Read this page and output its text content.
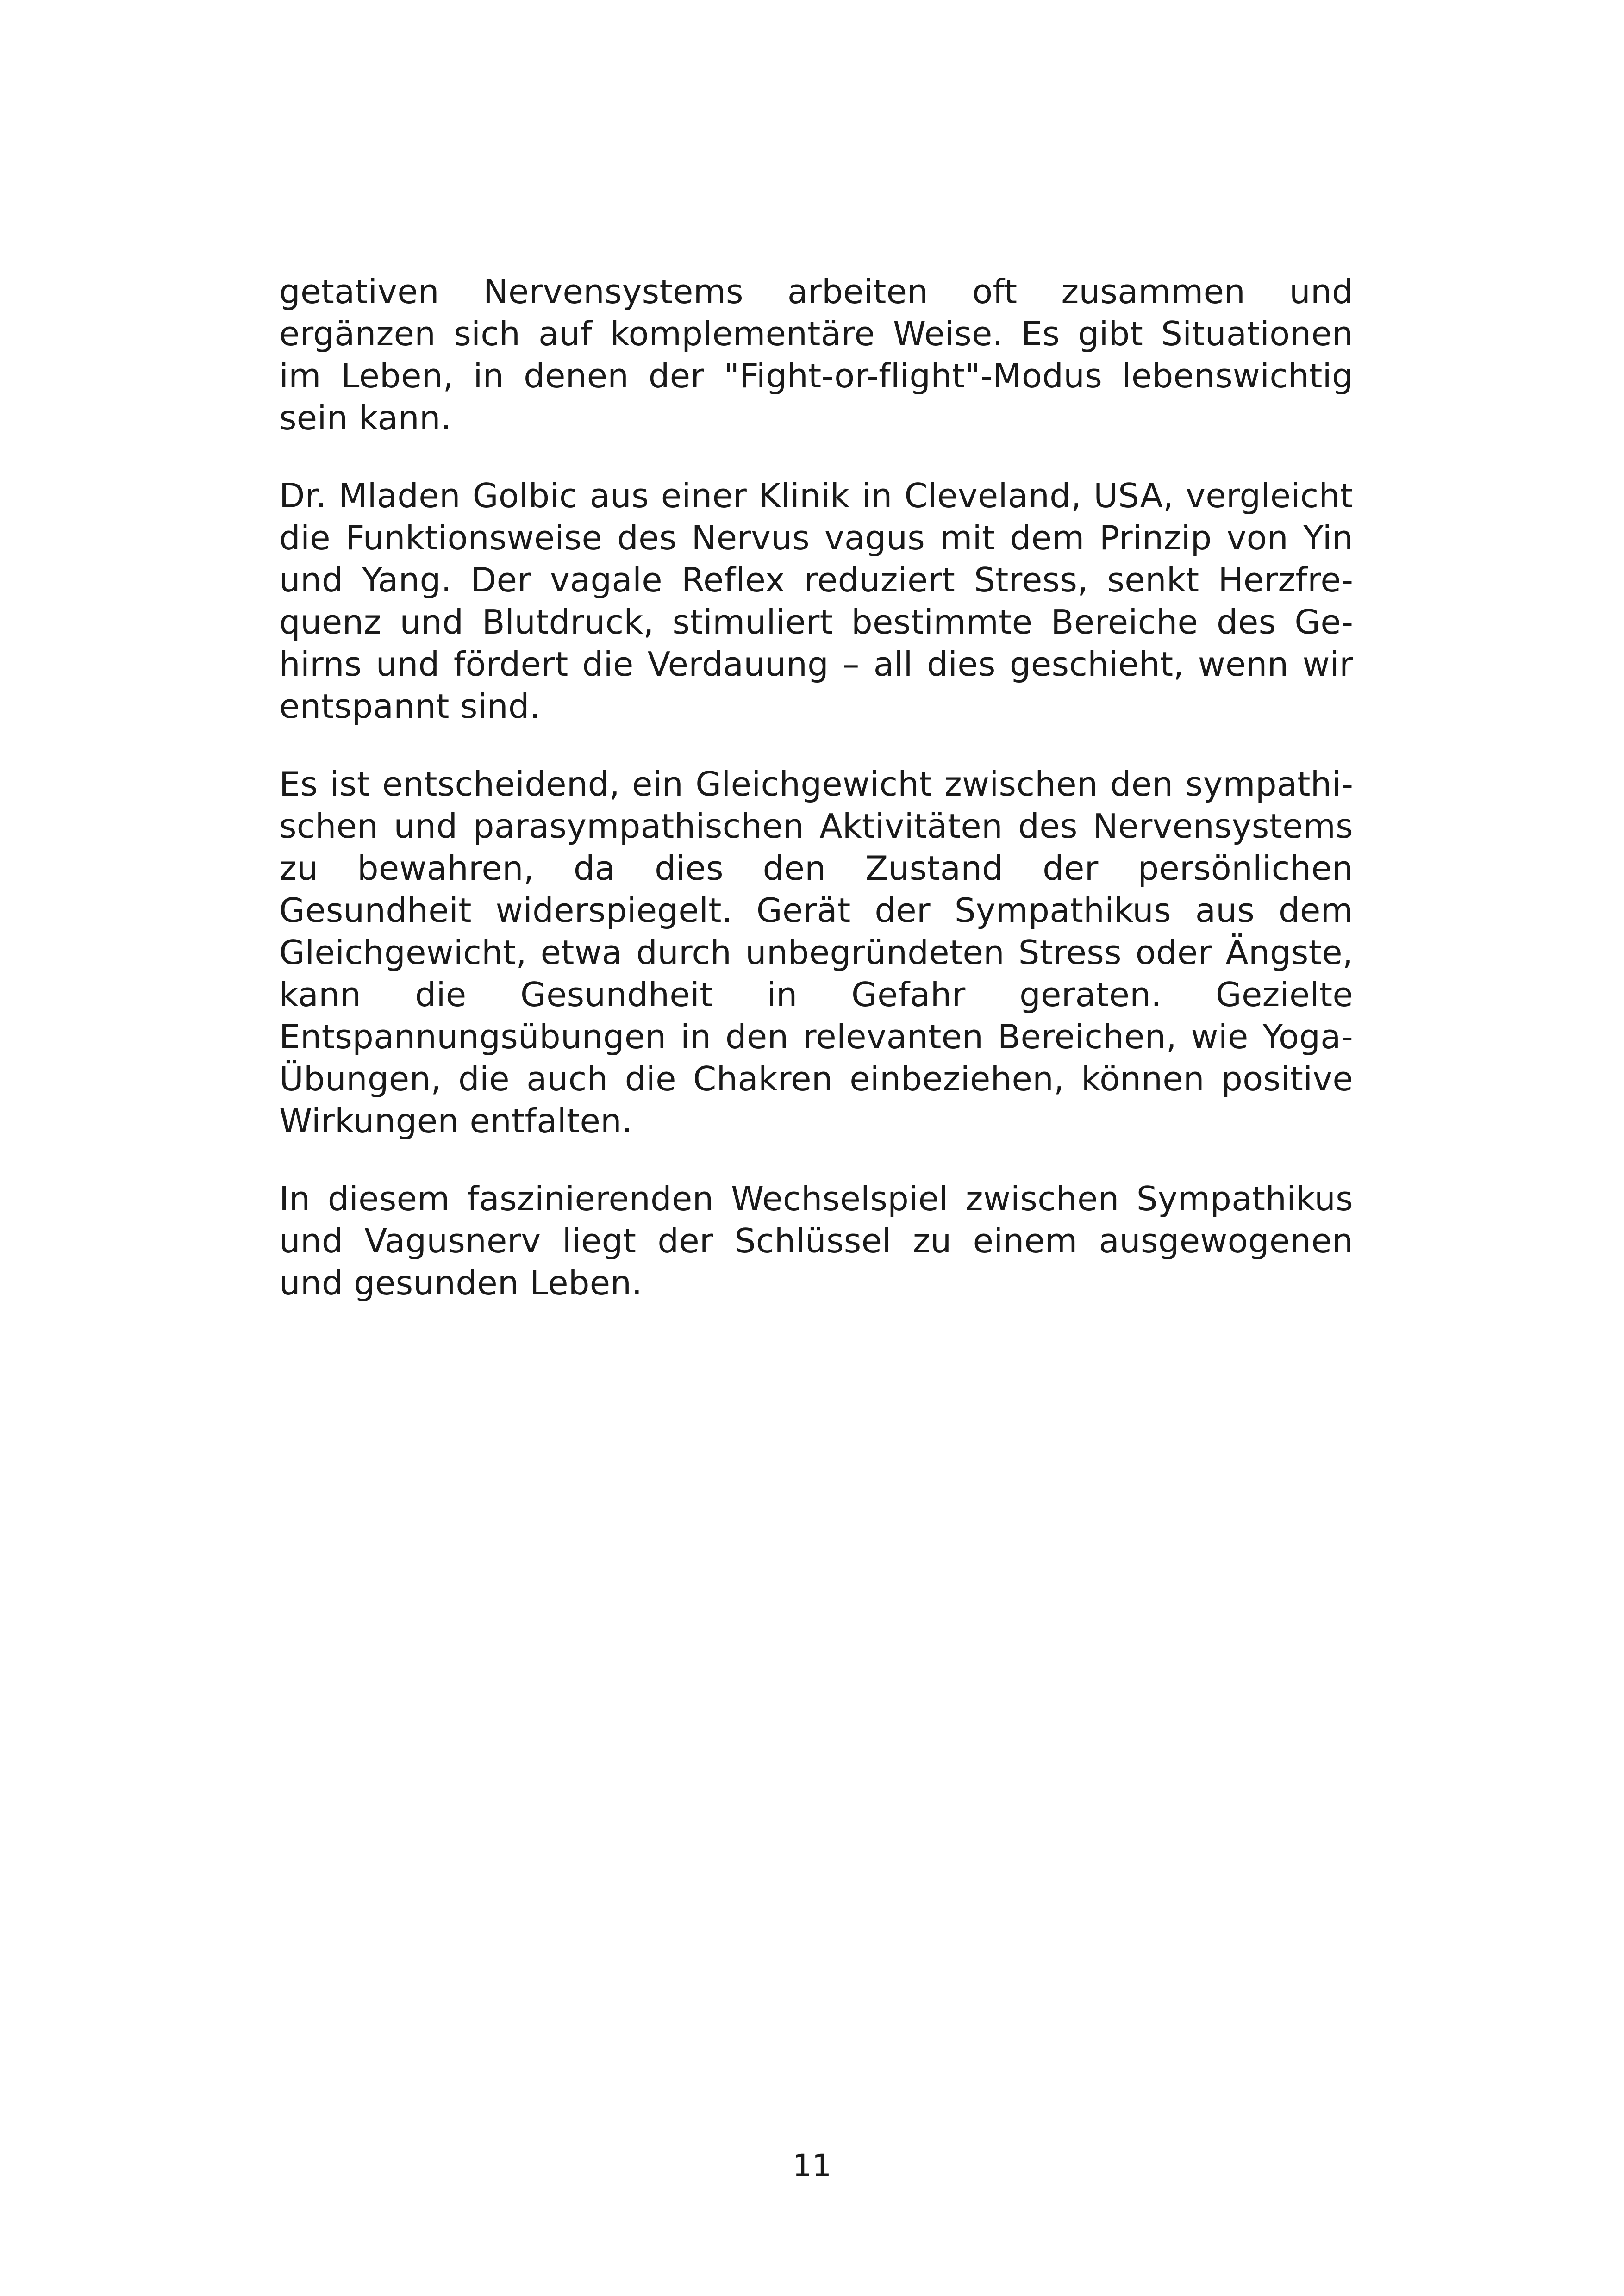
getativen Nervensystems arbeiten oft zusammen und ergänzen sich auf komplementäre Weise. Es gibt Situationen im Leben, in denen der "Fight-or-flight"-Modus lebenswichtig sein kann.

Dr. Mladen Golbic aus einer Klinik in Cleveland, USA, vergleicht die Funktionsweise des Nervus vagus mit dem Prinzip von Yin und Yang. Der vagale Reflex reduziert Stress, senkt Herzfrequenz und Blutdruck, stimuliert bestimmte Bereiche des Gehirns und fördert die Verdauung – all dies geschieht, wenn wir entspannt sind.

Es ist entscheidend, ein Gleichgewicht zwischen den sympathischen und parasympathischen Aktivitäten des Nervensystems zu bewahren, da dies den Zustand der persönlichen Gesundheit widerspiegelt. Gerät der Sympathikus aus dem Gleichgewicht, etwa durch unbegründeten Stress oder Ängste, kann die Gesundheit in Gefahr geraten. Gezielte Entspannungsübungen in den relevanten Bereichen, wie Yoga-Übungen, die auch die Chakren einbeziehen, können positive Wirkungen entfalten.

In diesem faszinierenden Wechselspiel zwischen Sympathikus und Vagusnerv liegt der Schlüssel zu einem ausgewogenen und gesunden Leben.

11
